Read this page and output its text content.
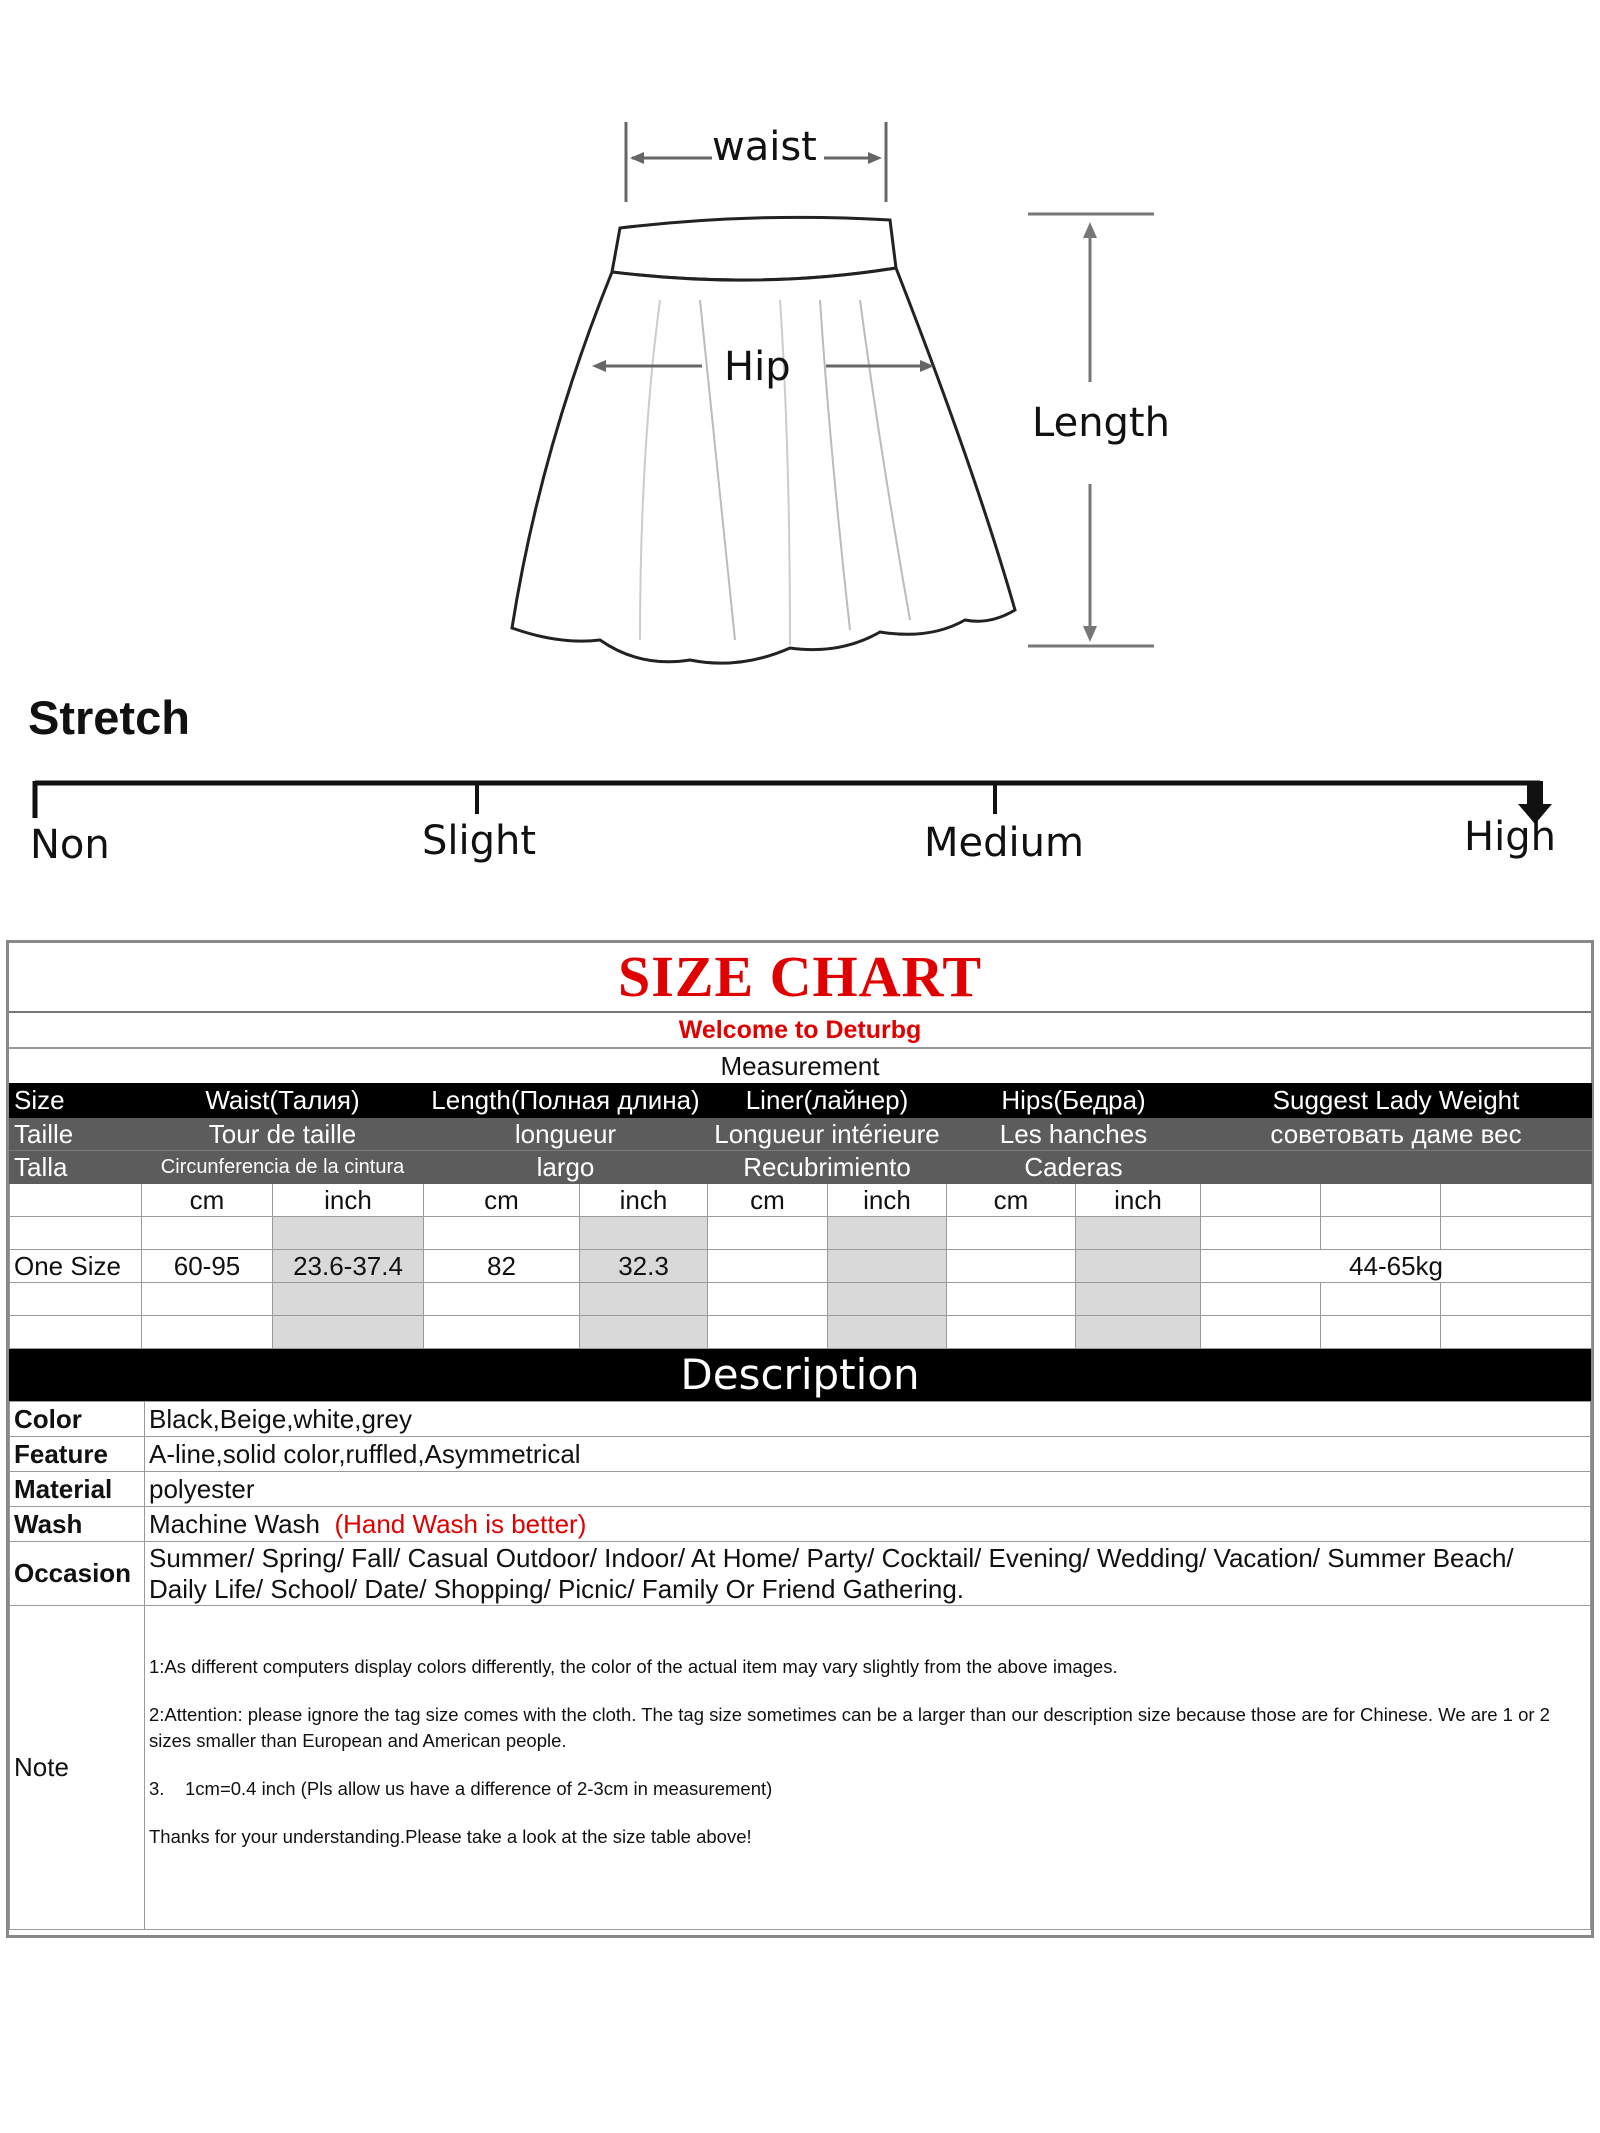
waist
Hip
Length
Stretch
Non	Slight	Medium	High
SIZE CHART
Welcome to Deturbg
Measurement
Size	Waist(Талия)		Length(Полная длина)		Liner(лайнер)		Hips(Бедра)		Suggest Lady Weight		
Taille	Tour de taille		longueur		Longueur intérieure		Les hanches		советовать даме вес		
Talla	Circunferencia de la cintura		largo		Recubrimiento		Caderas				
	cm	inch	cm	inch	cm	inch	cm	inch			

One Size	60-95	23.6-37.4	82	32.3					44-65kg		

Description
Color	Black,Beige,white,grey
Feature	A-line,solid color,ruffled,Asymmetrical
Material	polyester
Wash	Machine Wash (Hand Wash is better)
Occasion	Summer/ Spring/ Fall/ Casual Outdoor/ Indoor/ At Home/ Party/ Cocktail/ Evening/ Wedding/ Vacation/ Summer Beach/
Daily Life/ School/ Date/ Shopping/ Picnic/ Family Or Friend Gathering.

Note	1:As different computers display colors differently, the color of the actual item may vary slightly from the above images.

2:Attention: please ignore the tag size comes with the cloth. The tag size sometimes can be a larger than our description size because those are for Chinese. We are 1 or 2 sizes smaller than European and American people.

3.    1cm=0.4 inch (Pls allow us have a difference of 2-3cm in measurement)

Thanks for your understanding.Please take a look at the size table above!
